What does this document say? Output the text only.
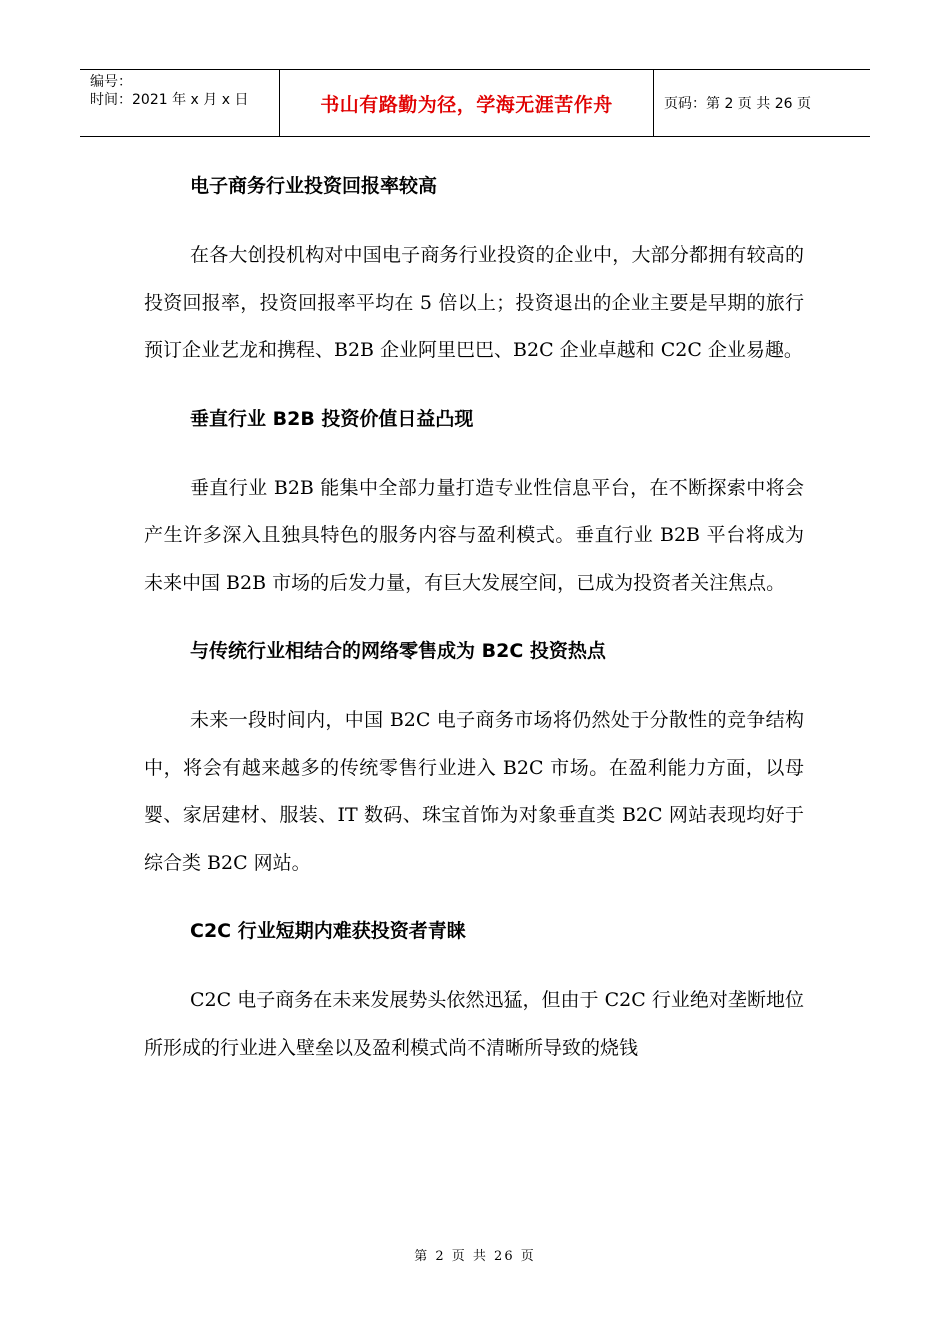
编号：
时间：2021 年 x 月 x 日	书山有路勤为径，学海无涯苦作舟	页码：第 2 页 共 26 页

电子商务行业投资回报率较高

在各大创投机构对中国电子商务行业投资的企业中，大部分都拥有较高的投资回报率，投资回报率平均在 5 倍以上；投资退出的企业主要是早期的旅行预订企业艺龙和携程、B2B 企业阿里巴巴、B2C 企业卓越和 C2C 企业易趣。

垂直行业 B2B 投资价值日益凸现

垂直行业 B2B 能集中全部力量打造专业性信息平台，在不断探索中将会产生许多深入且独具特色的服务内容与盈利模式。垂直行业 B2B 平台将成为未来中国 B2B 市场的后发力量，有巨大发展空间，已成为投资者关注焦点。

与传统行业相结合的网络零售成为 B2C 投资热点

未来一段时间内，中国 B2C 电子商务市场将仍然处于分散性的竞争结构中，将会有越来越多的传统零售行业进入 B2C 市场。在盈利能力方面，以母婴、家居建材、服装、IT 数码、珠宝首饰为对象垂直类 B2C 网站表现均好于综合类 B2C 网站。

C2C 行业短期内难获投资者青睐

C2C 电子商务在未来发展势头依然迅猛，但由于 C2C 行业绝对垄断地位所形成的行业进入壁垒以及盈利模式尚不清晰所导致的烧钱

第 2 页 共 26 页
